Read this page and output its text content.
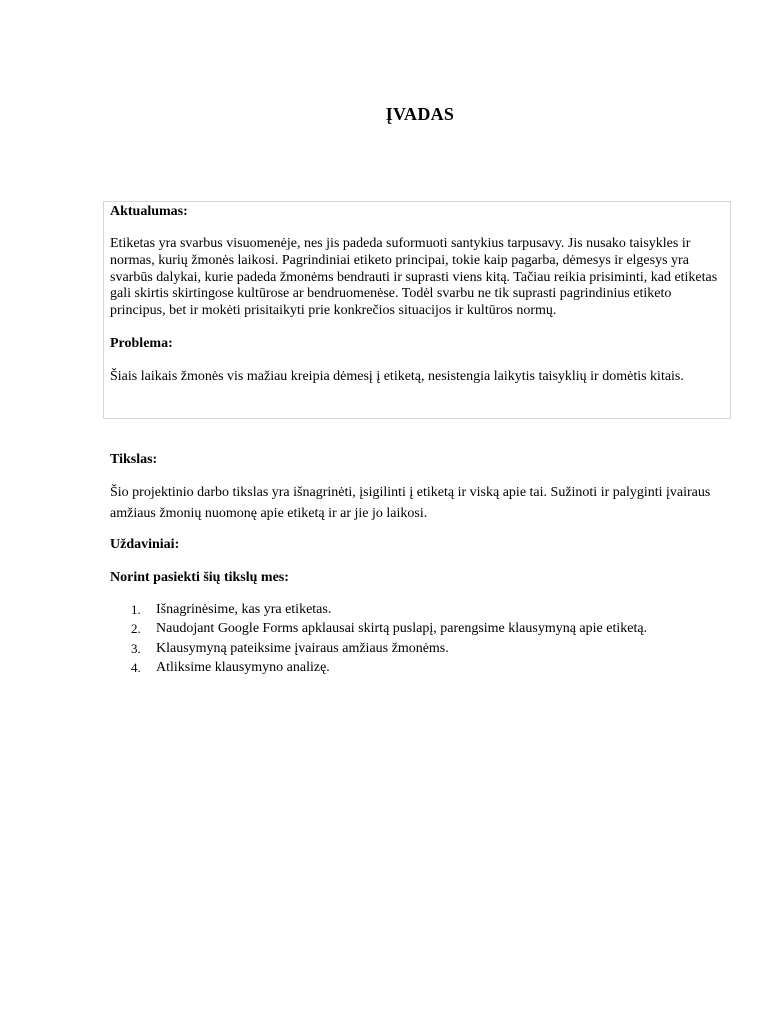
ĮVADAS

Aktualumas:

Etiketas yra svarbus visuomenėje, nes jis padeda suformuoti santykius tarpusavy. Jis nusako taisykles ir normas, kurių žmonės laikosi. Pagrindiniai etiketo principai, tokie kaip pagarba, dėmesys ir elgesys yra svarbūs dalykai, kurie padeda žmonėms bendrauti ir suprasti viens kitą. Tačiau reikia prisiminti, kad etiketas gali skirtis skirtingose kultūrose ar bendruomenėse. Todėl svarbu ne tik suprasti pagrindinius etiketo principus, bet ir mokėti prisitaikyti prie konkrečios situacijos ir kultūros normų.

Problema:

Šiais laikais žmonės vis mažiau kreipia dėmesį į etiketą, nesistengia laikytis taisyklių ir domėtis kitais.

Tikslas:

Šio projektinio darbo tikslas yra išnagrinėti, įsigilinti į etiketą ir viską apie tai. Sužinoti ir palyginti įvairaus amžiaus žmonių nuomonę apie etiketą ir ar jie jo laikosi.

Uždaviniai:

Norint pasiekti šių tikslų mes:

1.	Išnagrinėsime, kas yra etiketas.
2.	Naudojant Google Forms apklausai skirtą puslapį, parengsime klausymyną apie etiketą.
3.	Klausymyną pateiksime įvairaus amžiaus žmonėms.
4.	Atliksime klausymyno analizę.
